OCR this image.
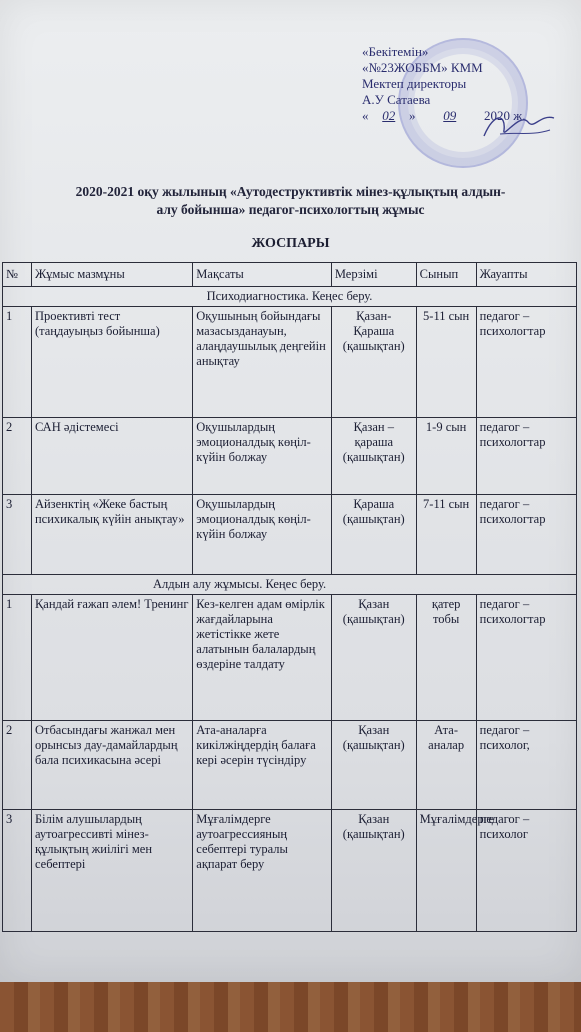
«Бекітемін»
«№23ЖОББМ» КММ
Мектеп директоры
А.У Сатаева
« 02 » 09 2020 ж.
2020-2021 оқу жылының «Аутодеструктивтік мінез-құлықтың алдын-
алу бойынша» педагог-психологтың жұмыс
ЖОСПАРЫ
№	Жұмыс мазмұны	Мақсаты	Мерзімі	Сынып	Жауапты
Психодиагностика. Кеңес беру.					
1	Проективті тест (таңдауыңыз бойынша)	Оқушының бойындағы мазасызданауын, алаңдаушылық деңгейін анықтау	Қазан- Қараша (қашықтан)	5-11 сын	педагог – психологтар
2	САН әдістемесі	Оқушылардың эмоционалдық көңіл-күйін болжау	Қазан – қараша (қашықтан)	1-9 сын	педагог – психологтар
3	Айзенктің «Жеке бастың психикалық күйін анықтау»	Оқушылардың эмоционалдық көңіл-күйін болжау	Қараша (қашықтан)	7-11 сын	педагог – психологтар
Алдын алу жұмысы. Кеңес беру.					
1	Қандай ғажап әлем! Тренинг	Кез-келген адам өмірлік жағдайларына жетістікке жете алатынын балалардың өздеріне талдату	Қазан (қашықтан)	қатер тобы	педагог – психологтар
2	Отбасындағы жанжал мен орынсыз дау-дамайлардың бала психикасына әсері	Ата-аналарға кикілжіңдердің балаға кері әсерін түсіндіру	Қазан (қашықтан)	Ата-аналар	педагог – психолог,
3	Білім алушылардың аутоагрессивті мінез-құлықтың жиілігі мен себептері	Мұғалімдерге аутоагрессияның себептері туралы ақпарат беру	Қазан (қашықтан)	Мұғалімдерге	педагог – психолог
